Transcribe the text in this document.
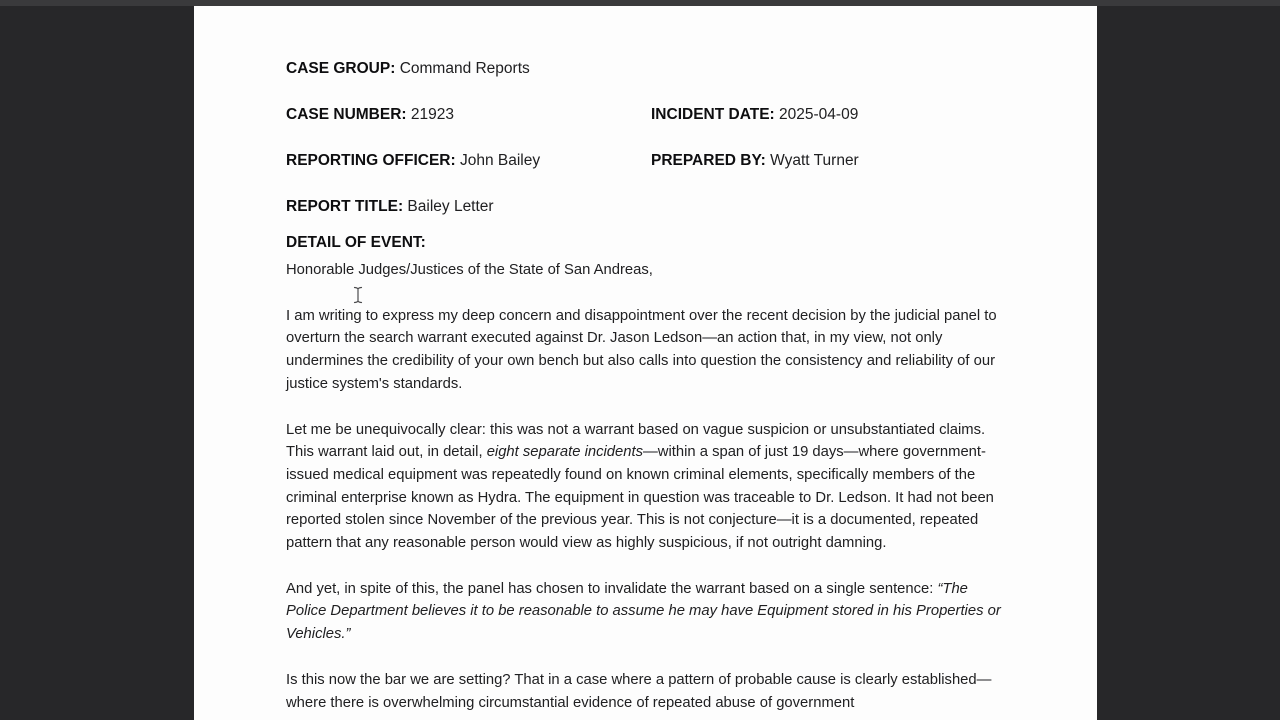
CASE GROUP: Command Reports
CASE NUMBER: 21923	INCIDENT DATE: 2025-04-09
REPORTING OFFICER: John Bailey	PREPARED BY: Wyatt Turner
REPORT TITLE: Bailey Letter
DETAIL OF EVENT:

Honorable Judges/Justices of the State of San Andreas,

I am writing to express my deep concern and disappointment over the recent decision by the judicial panel to overturn the search warrant executed against Dr. Jason Ledson—an action that, in my view, not only undermines the credibility of your own bench but also calls into question the consistency and reliability of our justice system's standards.

Let me be unequivocally clear: this was not a warrant based on vague suspicion or unsubstantiated claims. This warrant laid out, in detail, eight separate incidents—within a span of just 19 days—where government-issued medical equipment was repeatedly found on known criminal elements, specifically members of the criminal enterprise known as Hydra. The equipment in question was traceable to Dr. Ledson. It had not been reported stolen since November of the previous year. This is not conjecture—it is a documented, repeated pattern that any reasonable person would view as highly suspicious, if not outright damning.

And yet, in spite of this, the panel has chosen to invalidate the warrant based on a single sentence: “The Police Department believes it to be reasonable to assume he may have Equipment stored in his Properties or Vehicles.”

Is this now the bar we are setting? That in a case where a pattern of probable cause is clearly established—where there is overwhelming circumstantial evidence of repeated abuse of government
